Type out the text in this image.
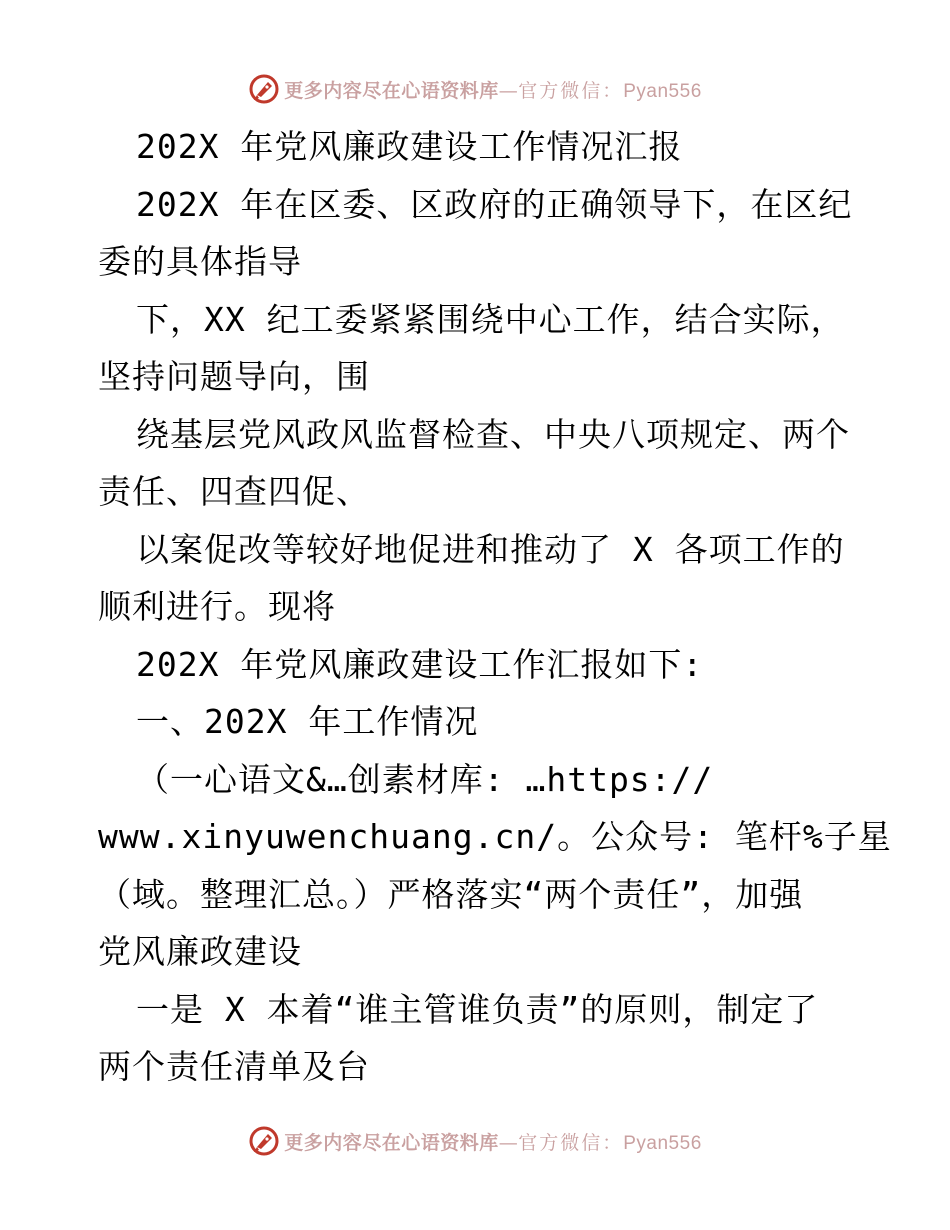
更多内容尽在心语资料库—官方微信：Pyan556
202X 年党风廉政建设工作情况汇报
202X 年在区委、区政府的正确领导下，在区纪
委的具体指导
下，XX 纪工委紧紧围绕中心工作，结合实际，
坚持问题导向，围
绕基层党风政风监督检查、中央八项规定、两个
责任、四查四促、
以案促改等较好地促进和推动了 X 各项工作的
顺利进行。现将
202X 年党风廉政建设工作汇报如下:
一、202X 年工作情况
（一心语文&…创素材库: …https://
www.xinyuwenchuang.cn/。公众号: 笔杆%子星
（域。整理汇总。）严格落实“两个责任”，加强
党风廉政建设
一是 X 本着“谁主管谁负责”的原则，制定了
两个责任清单及台
更多内容尽在心语资料库—官方微信：Pyan556
